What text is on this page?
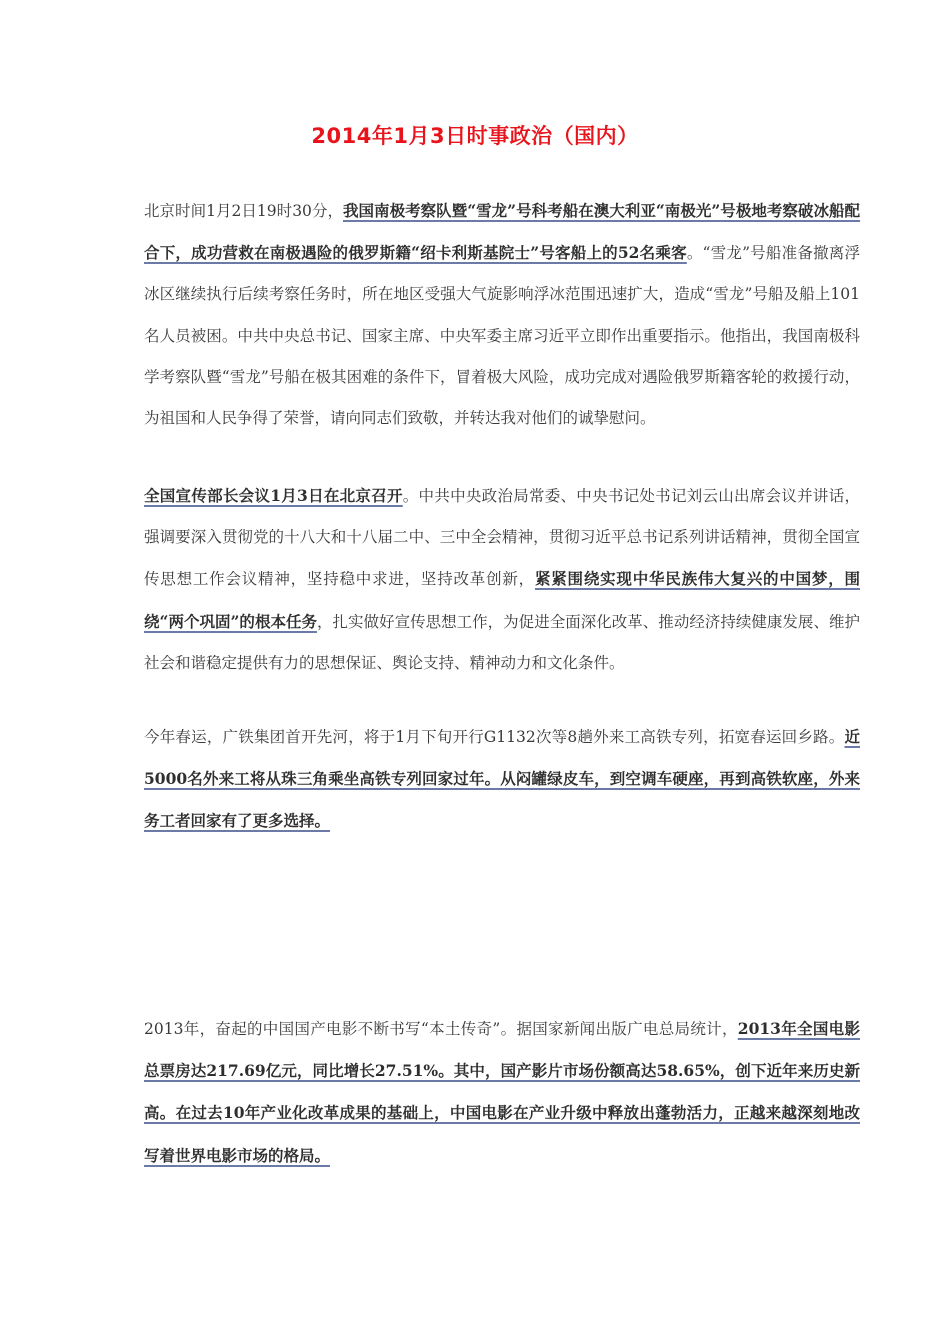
2014年1月3日时事政治（国内）
北京时间1月2日19时30分，我国南极考察队暨“雪龙”号科考船在澳大利亚“南极光”号极地考察破冰船配合下，成功营救在南极遇险的俄罗斯籍“绍卡利斯基院士”号客船上的52名乘客。“雪龙”号船准备撤离浮冰区继续执行后续考察任务时，所在地区受强大气旋影响浮冰范围迅速扩大，造成“雪龙”号船及船上101名人员被困。中共中央总书记、国家主席、中央军委主席习近平立即作出重要指示。他指出，我国南极科学考察队暨“雪龙”号船在极其困难的条件下，冒着极大风险，成功完成对遇险俄罗斯籍客轮的救援行动，为祖国和人民争得了荣誉，请向同志们致敬，并转达我对他们的诚挚慰问。
全国宣传部长会议1月3日在北京召开。中共中央政治局常委、中央书记处书记刘云山出席会议并讲话，强调要深入贯彻党的十八大和十八届二中、三中全会精神，贯彻习近平总书记系列讲话精神，贯彻全国宣传思想工作会议精神，坚持稳中求进，坚持改革创新，紧紧围绕实现中华民族伟大复兴的中国梦，围绕“两个巩固”的根本任务，扎实做好宣传思想工作，为促进全面深化改革、推动经济持续健康发展、维护社会和谐稳定提供有力的思想保证、舆论支持、精神动力和文化条件。
今年春运，广铁集团首开先河，将于1月下旬开行G1132次等8趟外来工高铁专列，拓宽春运回乡路。近5000名外来工将从珠三角乘坐高铁专列回家过年。从闷罐绿皮车，到空调车硬座，再到高铁软座，外来务工者回家有了更多选择。
2013年，奋起的中国国产电影不断书写“本土传奇”。据国家新闻出版广电总局统计，2013年全国电影总票房达217.69亿元，同比增长27.51%。其中，国产影片市场份额高达58.65%，创下近年来历史新高。在过去10年产业化改革成果的基础上，中国电影在产业升级中释放出蓬勃活力，正越来越深刻地改写着世界电影市场的格局。
